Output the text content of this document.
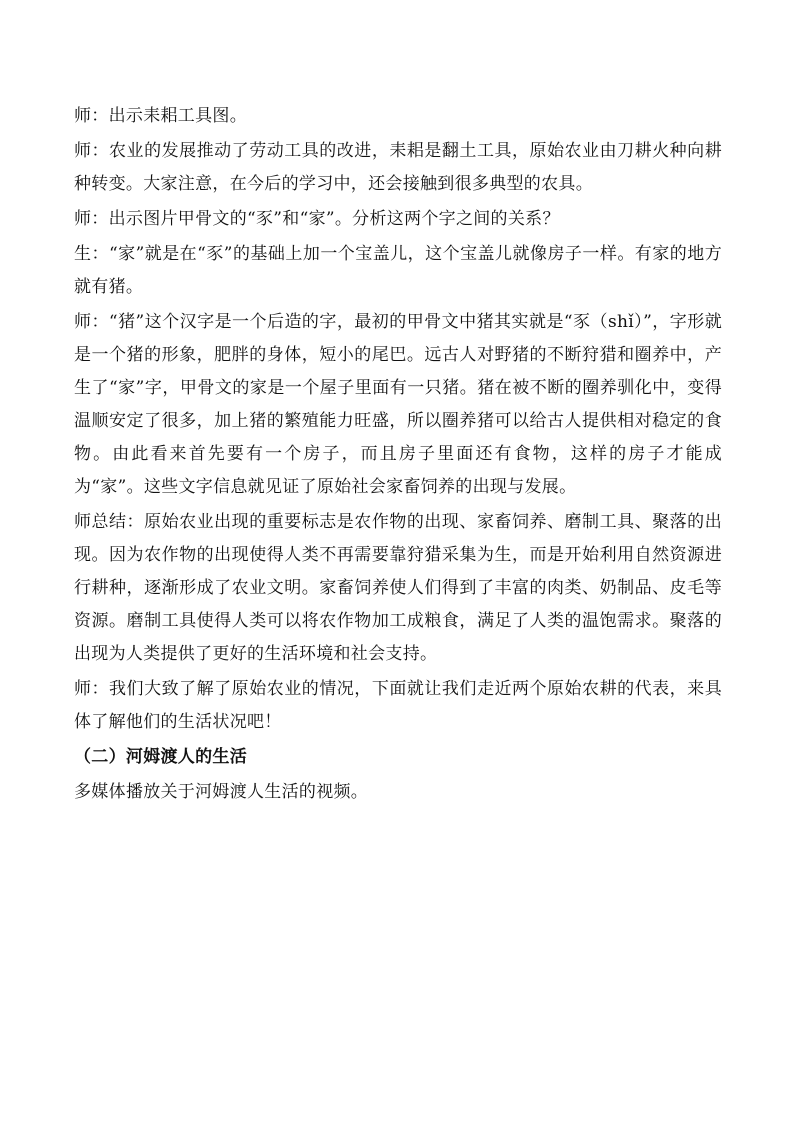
师：出示耒耜工具图。

师：农业的发展推动了劳动工具的改进，耒耜是翻土工具，原始农业由刀耕火种向耕种转变。大家注意，在今后的学习中，还会接触到很多典型的农具。

师：出示图片甲骨文的“豕”和“家”。分析这两个字之间的关系？

生：“家”就是在“豕”的基础上加一个宝盖儿，这个宝盖儿就像房子一样。有家的地方就有猪。

师：“猪”这个汉字是一个后造的字，最初的甲骨文中猪其实就是“豕（shǐ）”，字形就是一个猪的形象，肥胖的身体，短小的尾巴。远古人对野猪的不断狩猎和圈养中，产生了“家”字，甲骨文的家是一个屋子里面有一只猪。猪在被不断的圈养驯化中，变得温顺安定了很多，加上猪的繁殖能力旺盛，所以圈养猪可以给古人提供相对稳定的食物。由此看来首先要有一个房子，而且房子里面还有食物，这样的房子才能成为“家”。这些文字信息就见证了原始社会家畜饲养的出现与发展。

师总结：原始农业出现的重要标志是农作物的出现、家畜饲养、磨制工具、聚落的出现。因为农作物的出现使得人类不再需要靠狩猎采集为生，而是开始利用自然资源进行耕种，逐渐形成了农业文明。家畜饲养使人们得到了丰富的肉类、奶制品、皮毛等资源。磨制工具使得人类可以将农作物加工成粮食，满足了人类的温饱需求。聚落的出现为人类提供了更好的生活环境和社会支持。

师：我们大致了解了原始农业的情况，下面就让我们走近两个原始农耕的代表，来具体了解他们的生活状况吧！

（二）河姆渡人的生活

多媒体播放关于河姆渡人生活的视频。
